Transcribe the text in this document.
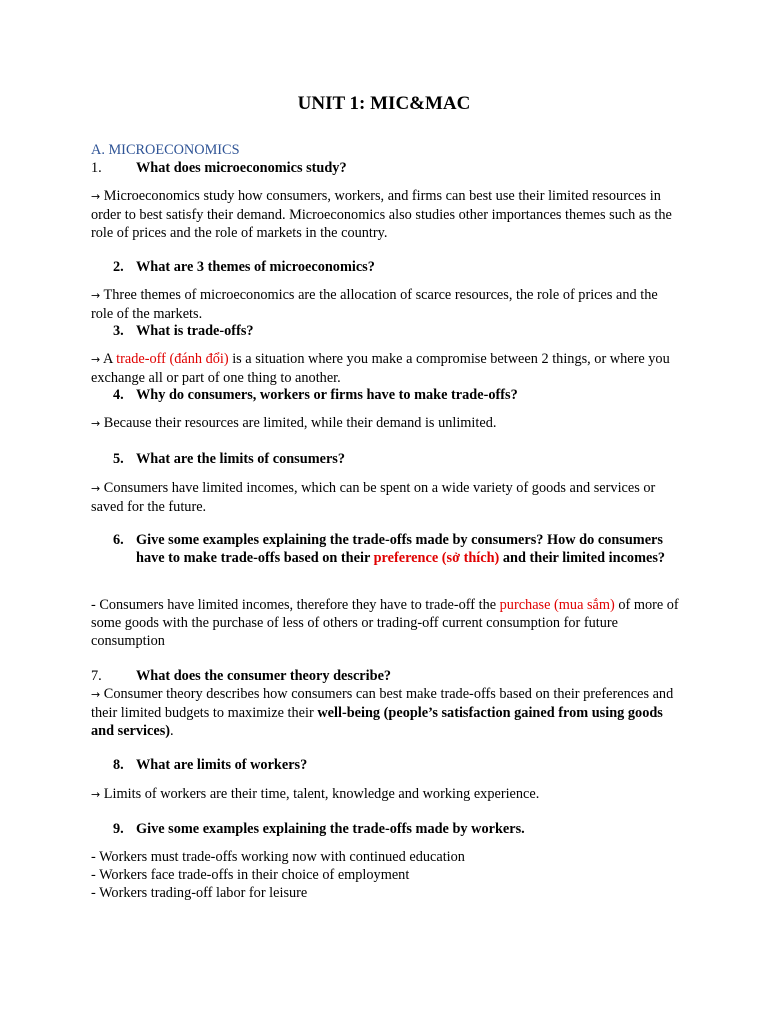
UNIT 1: MIC&MAC
A. MICROECONOMICS
1. What does microeconomics study?
→ Microeconomics study how consumers, workers, and firms can best use their limited resources in order to best satisfy their demand. Microeconomics also studies other importances themes such as the role of prices and the role of markets in the country.
2. What are 3 themes of microeconomics?
→ Three themes of microeconomics are the allocation of scarce resources, the role of prices and the role of the markets.
3. What is trade-offs?
→ A trade-off (đánh đổi) is a situation where you make a compromise between 2 things, or where you exchange all or part of one thing to another.
4. Why do consumers, workers or firms have to make trade-offs?
→ Because their resources are limited, while their demand is unlimited.
5. What are the limits of consumers?
→ Consumers have limited incomes, which can be spent on a wide variety of goods and services or saved for the future.
6. Give some examples explaining the trade-offs made by consumers? How do consumers have to make trade-offs based on their preference (sở thích) and their limited incomes?
- Consumers have limited incomes, therefore they have to trade-off the purchase (mua sắm) of more of some goods with the purchase of less of others or trading-off current consumption for future consumption
7. What does the consumer theory describe?
→ Consumer theory describes how consumers can best make trade-offs based on their preferences and their limited budgets to maximize their well-being (people’s satisfaction gained from using goods and services).
8. What are limits of workers?
→ Limits of workers are their time, talent, knowledge and working experience.
9. Give some examples explaining the trade-offs made by workers.
- Workers must trade-offs working now with continued education
- Workers face trade-offs in their choice of employment
- Workers trading-off labor for leisure
